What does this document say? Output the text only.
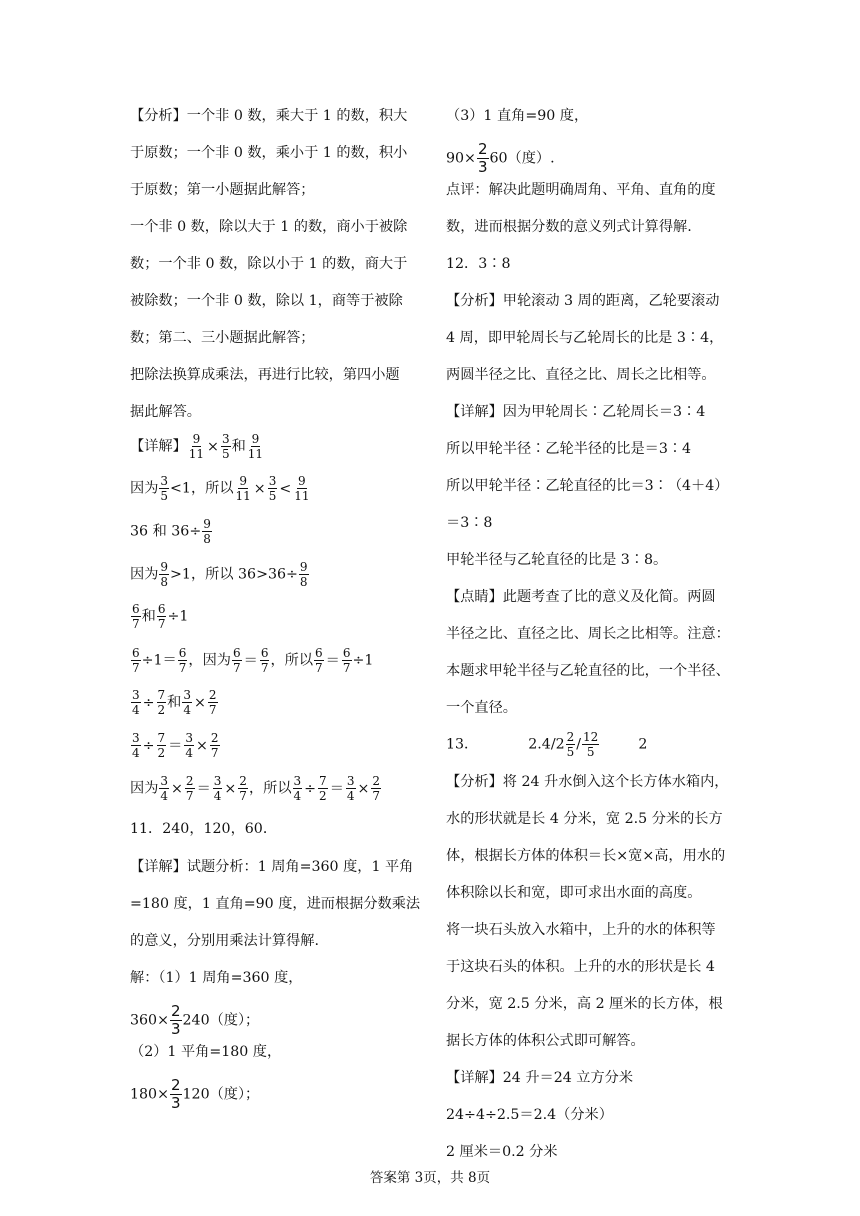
【分析】一个非 0 数，乘大于 1 的数，积大
于原数；一个非 0 数，乘小于 1 的数，积小
于原数；第一小题据此解答；
一个非 0 数，除以大于 1 的数，商小于被除
数；一个非 0 数，除以小于 1 的数，商大于
被除数；一个非 0 数，除以 1，商等于被除
数；第二、三小题据此解答；
把除法换算成乘法，再进行比较，第四小题
据此解答。
【详解】 $\frac{9}{11} \times \frac{3}{5}$ 和 $\frac{9}{11}$
因为 $\frac{3}{5} <1$，所以 $\frac{9}{11} \times \frac{3}{5} < \frac{9}{11}$
36 和 $36\div \frac{9}{8}$
因为 $\frac{9}{8} >1$，所以 $36>36\div \frac{9}{8}$
$\frac{6}{7}$ 和 $\frac{6}{7} \div 1$
$\frac{6}{7} \div 1= \frac{6}{7}$ ，因为 $\frac{6}{7} = \frac{6}{7}$ ，所以 $\frac{6}{7} = \frac{6}{7} \div 1$
$\frac{3}{4} \div \frac{7}{2}$ 和 $\frac{3}{4} \times \frac{2}{7}$
$\frac{3}{4} \div \frac{7}{2} = \frac{3}{4} \times \frac{2}{7}$
因为 $\frac{3}{4} \times \frac{2}{7} = \frac{3}{4} \times \frac{2}{7}$ ，所以 $\frac{3}{4} \div \frac{7}{2} = \frac{3}{4} \times \frac{2}{7}$
11．240，120，60．
【详解】试题分析：1 周角=360 度，1 平角
=180 度，1 直角=90 度，进而根据分数乘法
的意义，分别用乘法计算得解.
解：（1）1 周角=360 度，
$360\times \frac{2}{3} 240$（度）；
（2）1 平角=180 度，
$180\times \frac{2}{3} 120$（度）；
（3）1 直角=90 度，
$90\times \frac{2}{3} 60$（度）.
点评：解决此题明确周角、平角、直角的度
数，进而根据分数的意义列式计算得解.
12．3∶8
【分析】甲轮滚动 3 周的距离，乙轮要滚动
4 周，即甲轮周长与乙轮周长的比是 3∶4，
两圆半径之比、直径之比、周长之比相等。
【详解】因为甲轮周长∶乙轮周长＝3∶4
所以甲轮半径∶乙轮半径的比是＝3∶4
所以甲轮半径∶乙轮直径的比＝3∶（4＋4）
＝3∶8
甲轮半径与乙轮直径的比是 3∶8。
【点睛】此题考查了比的意义及化简。两圆
半径之比、直径之比、周长之比相等。注意：
本题求甲轮半径与乙轮直径的比，一个半径、
一个直径。
13．	$2.4/2 \frac{2}{5} / \frac{12}{5}$	2
【分析】将 24 升水倒入这个长方体水箱内，
水的形状就是长 4 分米，宽 2.5 分米的长方
体，根据长方体的体积＝长×宽×高，用水的
体积除以长和宽，即可求出水面的高度。
将一块石头放入水箱中，上升的水的体积等
于这块石头的体积。上升的水的形状是长 4
分米，宽 2.5 分米，高 2 厘米的长方体，根
据长方体的体积公式即可解答。
【详解】24 升＝24 立方分米
24÷4÷2.5＝2.4（分米）
2 厘米＝0.2 分米
答案第 3页，共 8页
